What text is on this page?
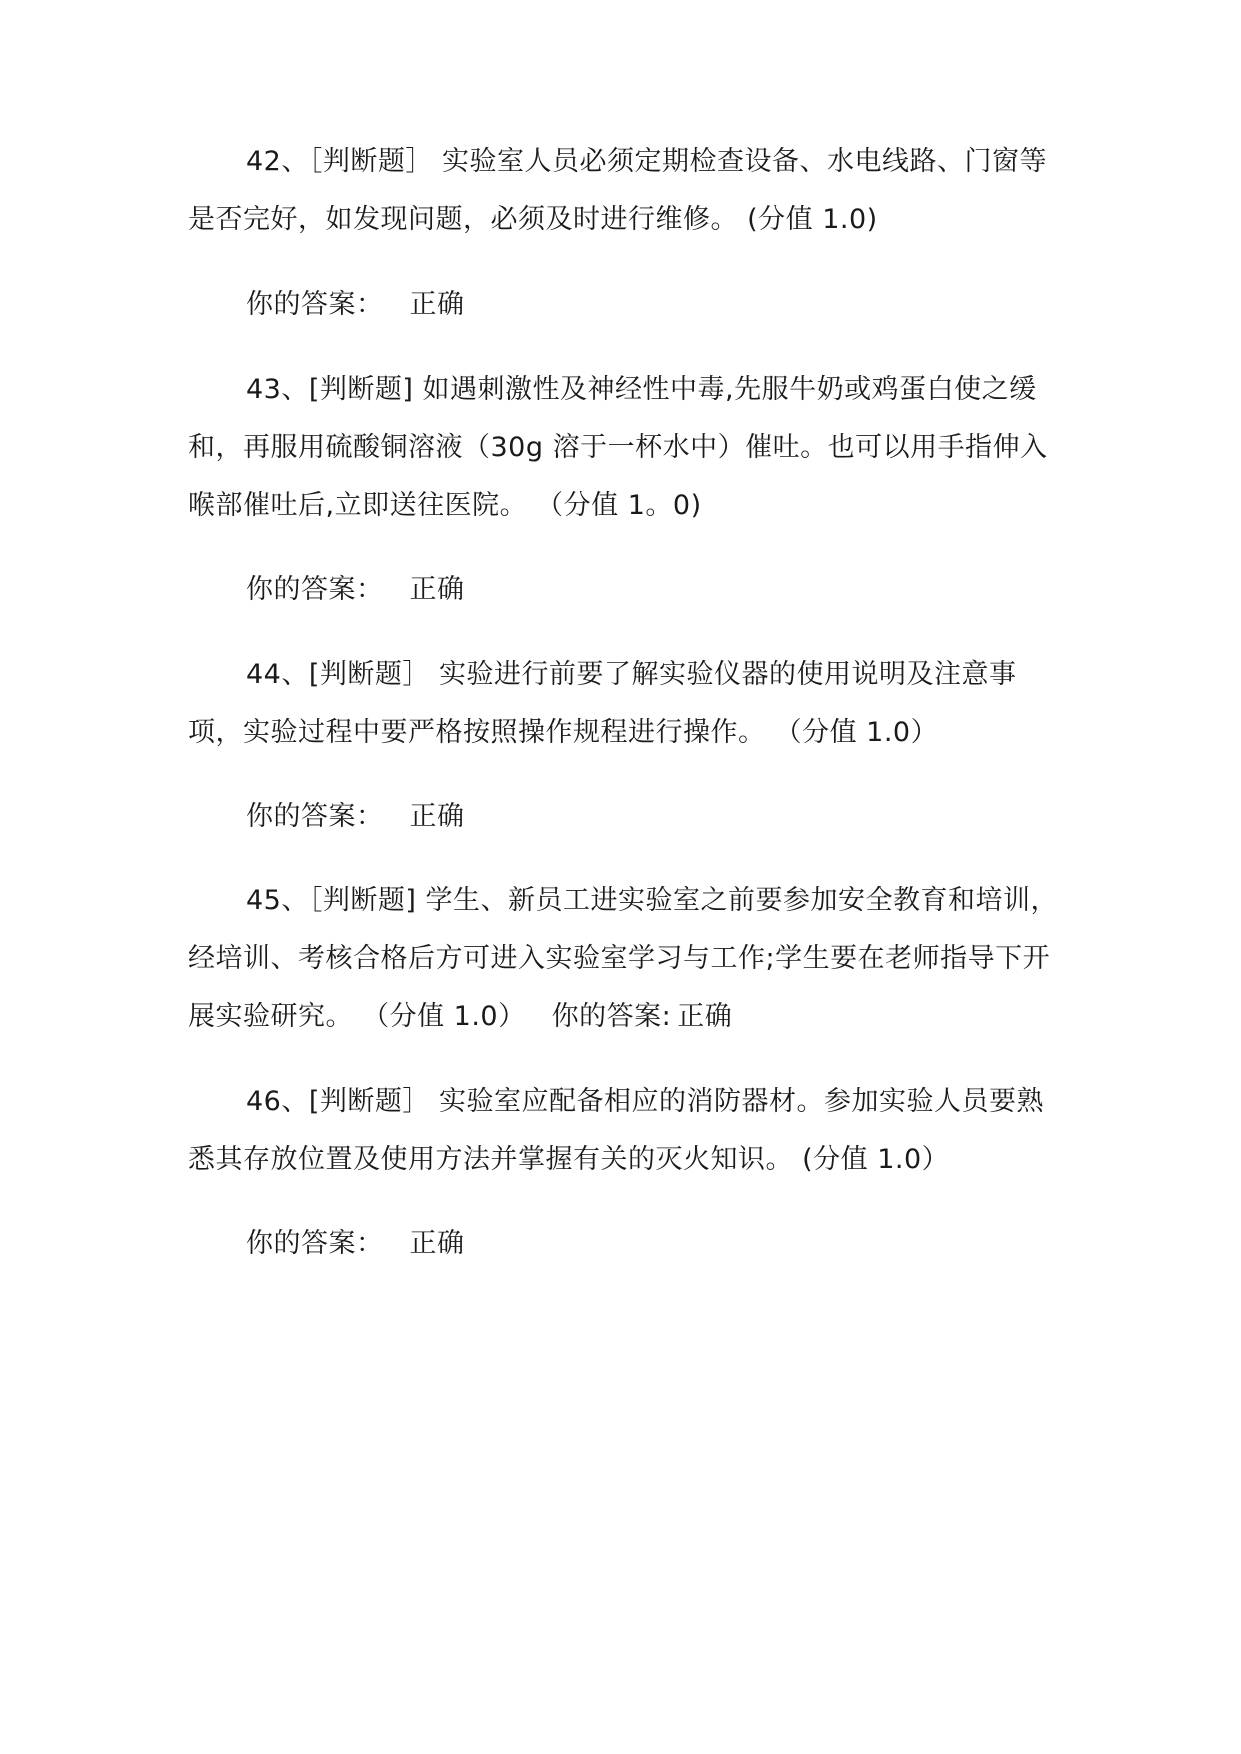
42、［判断题］ 实验室人员必须定期检查设备、水电线路、门窗等是否完好，如发现问题，必须及时进行维修。 (分值 1.0)
你的答案： 正确
43、[判断题] 如遇刺激性及神经性中毒,先服牛奶或鸡蛋白使之缓和，再服用硫酸铜溶液（30g 溶于一杯水中）催吐。也可以用手指伸入喉部催吐后,立即送往医院。 （分值 1。0)
你的答案： 正确
44、[判断题］ 实验进行前要了解实验仪器的使用说明及注意事项，实验过程中要严格按照操作规程进行操作。 （分值 1.0）
你的答案： 正确
45、［判断题] 学生、新员工进实验室之前要参加安全教育和培训，经培训、考核合格后方可进入实验室学习与工作;学生要在老师指导下开展实验研究。 （分值 1.0） 你的答案: 正确
46、[判断题］ 实验室应配备相应的消防器材。参加实验人员要熟悉其存放位置及使用方法并掌握有关的灭火知识。 (分值 1.0）
你的答案： 正确
